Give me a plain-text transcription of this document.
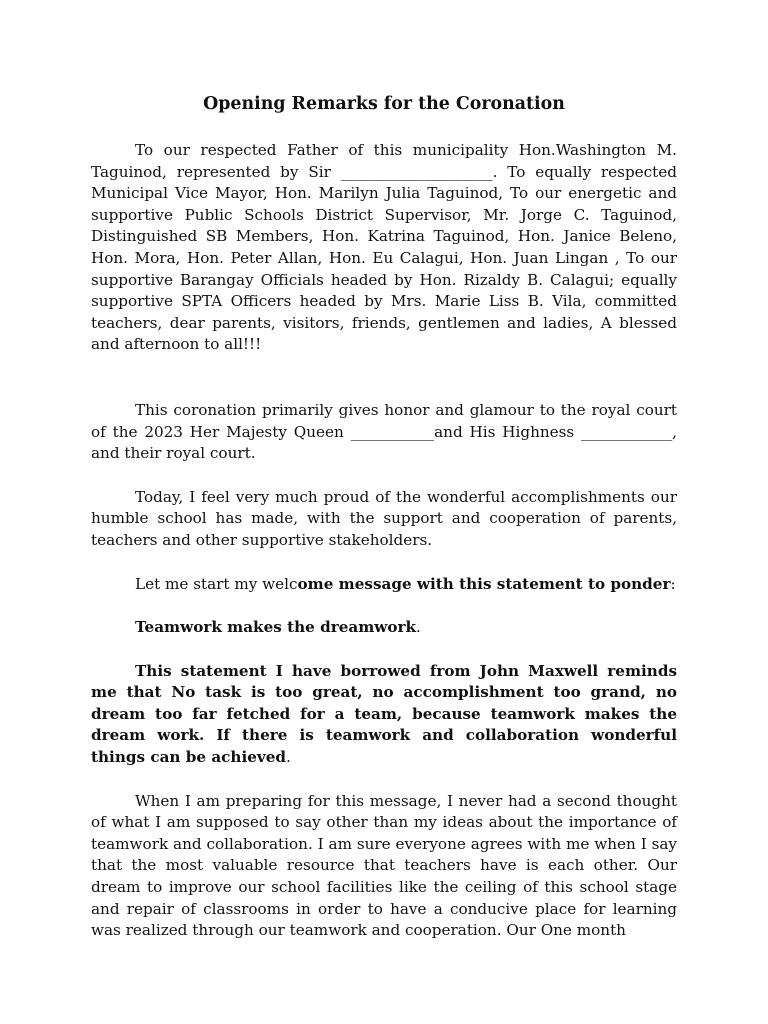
Opening Remarks for the Coronation

To our respected Father of this municipality Hon.Washington M. Taguinod, represented by Sir ____________________. To equally respected Municipal Vice Mayor, Hon. Marilyn Julia Taguinod, To our energetic and supportive Public Schools District Supervisor, Mr. Jorge C. Taguinod, Distinguished SB Members, Hon. Katrina Taguinod, Hon. Janice Beleno, Hon. Mora, Hon. Peter Allan, Hon. Eu Calagui, Hon. Juan Lingan , To our supportive Barangay Officials headed by Hon. Rizaldy B. Calagui; equally supportive SPTA Officers headed by Mrs. Marie Liss B. Vila, committed teachers, dear parents, visitors, friends, gentlemen and ladies, A blessed and afternoon to all!!!

This coronation primarily gives honor and glamour to the royal court of the 2023 Her Majesty Queen ___________and His Highness ____________, and their royal court.

Today, I feel very much proud of the wonderful accomplishments our humble school has made, with the support and cooperation of parents, teachers and other supportive stakeholders.

Let me start my welcome message with this statement to ponder:

Teamwork makes the dreamwork.

This statement I have borrowed from John Maxwell reminds me that No task is too great, no accomplishment too grand, no dream too far fetched for a team, because teamwork makes the dream work. If there is teamwork and collaboration wonderful things can be achieved.

When I am preparing for this message, I never had a second thought of what I am supposed to say other than my ideas about the importance of teamwork and collaboration. I am sure everyone agrees with me when I say that the most valuable resource that teachers have is each other. Our dream to improve our school facilities like the ceiling of this school stage and repair of classrooms in order to have a conducive place for learning was realized through our teamwork and cooperation. Our One month
